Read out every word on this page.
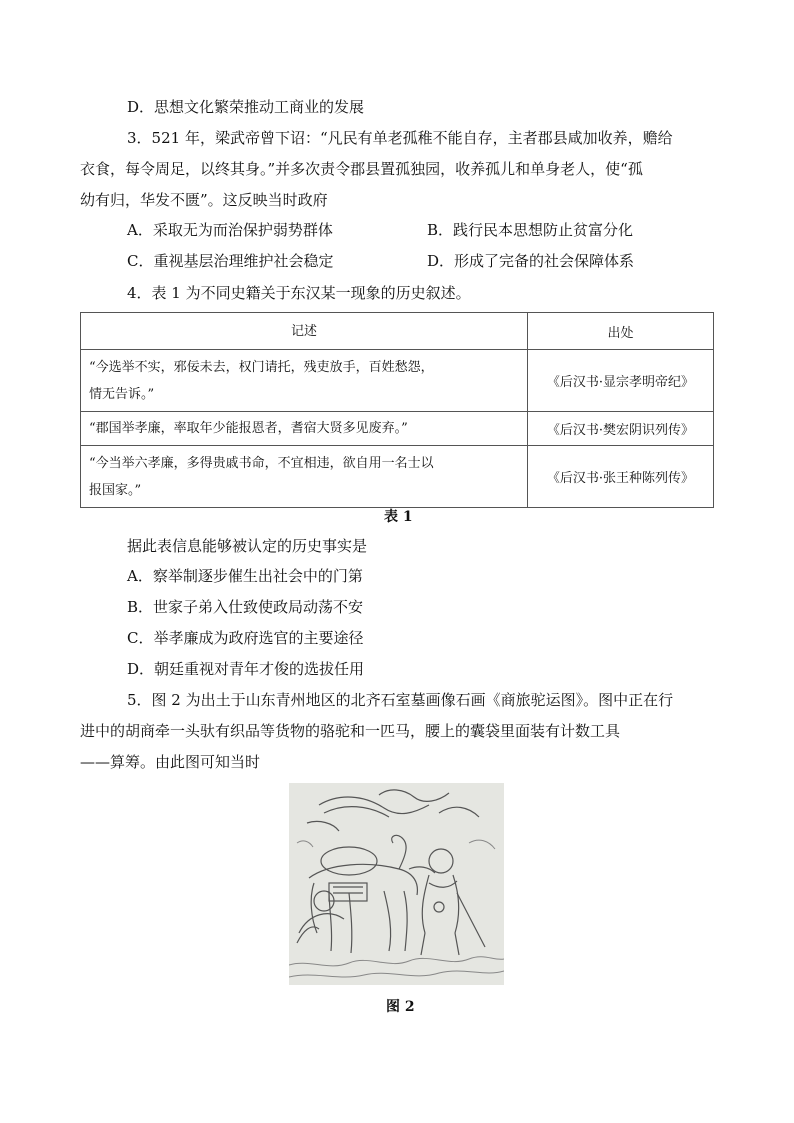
D．思想文化繁荣推动工商业的发展
3．521 年，梁武帝曾下诏：“凡民有单老孤稚不能自存，主者郡县咸加收养，赡给
衣食，每令周足，以终其身。”并多次责令郡县置孤独园，收养孤儿和单身老人，使“孤
幼有归，华发不匮”。这反映当时政府
A．采取无为而治保护弱势群体	B．践行民本思想防止贫富分化
C．重视基层治理维护社会稳定	D．形成了完备的社会保障体系
4．表 1 为不同史籍关于东汉某一现象的历史叙述。
记述	出处
“今选举不实，邪佞未去，权门请托，残吏放手，百姓愁怨，
情无告诉。”	《后汉书·显宗孝明帝纪》
“郡国举孝廉，率取年少能报恩者，耆宿大贤多见废弃。”	《后汉书·樊宏阴识列传》
“今当举六孝廉，多得贵戚书命，不宜相违，欲自用一名士以
报国家。”	《后汉书·张王种陈列传》
表 1
据此表信息能够被认定的历史事实是
A．察举制逐步催生出社会中的门第
B．世家子弟入仕致使政局动荡不安
C．举孝廉成为政府选官的主要途径
D．朝廷重视对青年才俊的选拔任用
5．图 2 为出土于山东青州地区的北齐石室墓画像石画《商旅驼运图》。图中正在行
进中的胡商牵一头驮有织品等货物的骆驼和一匹马，腰上的囊袋里面装有计数工具
——算筹。由此图可知当时
图 2
